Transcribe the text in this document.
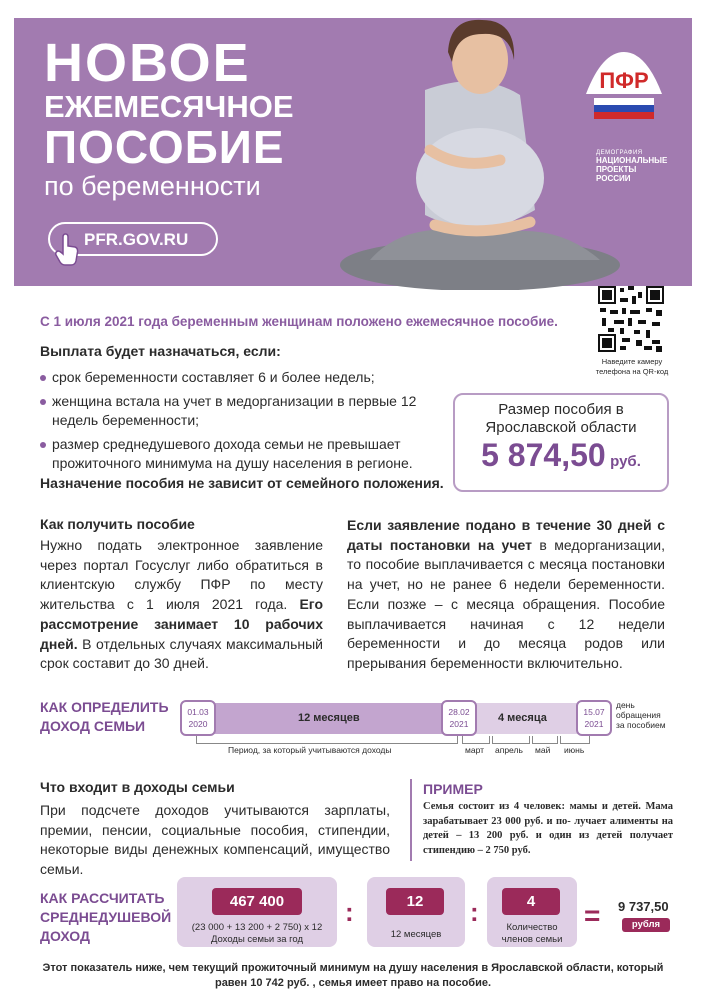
НОВОЕ
ЕЖЕМЕСЯЧНОЕ
ПОСОБИЕ
по беременности
PFR.GOV.RU
ПФР
ДЕМОГРАФИЯ
НАЦИОНАЛЬНЫЕ
ПРОЕКТЫ
РОССИИ
С 1 июля 2021 года беременным женщинам положено ежемесячное пособие.
Наведите камеру телефона на QR-код
Выплата будет назначаться, если:
срок беременности составляет 6 и более недель;
женщина встала на учет в медорганизации в первые 12 недель беременности;
размер среднедушевого дохода семьи не превышает прожиточного минимума на душу населения в регионе.
Назначение пособия не зависит от семейного положения.
Размер пособия в Ярославской области
5 874,50 руб.
Как получить пособие
Нужно подать электронное заявление через портал Госуслуг либо обратиться в клиентскую службу ПФР по месту жительства с 1 июля 2021 года. Его рассмотрение занимает 10 рабочих дней. В отдельных случаях максимальный срок составит до 30 дней.
Если заявление подано в течение 30 дней с даты постановки на учет в медорганизации, то пособие выплачивается с месяца постановки на учет, но не ранее 6 недели беременности. Если позже – с месяца обращения. Пособие выплачивается начиная с 12 недели беременности и до месяца родов или прерывания беременности включительно.
КАК ОПРЕДЕЛИТЬ
ДОХОД СЕМЬИ
01.03
2020
28.02
2021
15.07
2021
12 месяцев	4 месяца
день
обращения
за пособием
Период, за который учитываются доходы	март апрель май июнь
Что входит в доходы семьи
При подсчете доходов учитываются зарплаты, премии, пенсии, социальные пособия, стипендии, некоторые виды денежных компенсаций, имущество семьи.
ПРИМЕР
Семья состоит из 4 человек: мамы и детей. Мама зарабатывает 23 000 руб. и по- лучает алименты на детей – 13 200 руб. и один из детей получает стипендию – 2 750 руб.
КАК РАССЧИТАТЬ
СРЕДНЕДУШЕВОЙ
ДОХОД
467 400
(23 000 + 13 200 + 2 750) x 12
Доходы семьи за год
:	12
12 месяцев
:	4
Количество
членов семьи
= 9 737,50
рубля
Этот показатель ниже, чем текущий прожиточный минимум на душу населения в Ярославской области, который равен 10 742 руб. , семья имеет право на пособие.
